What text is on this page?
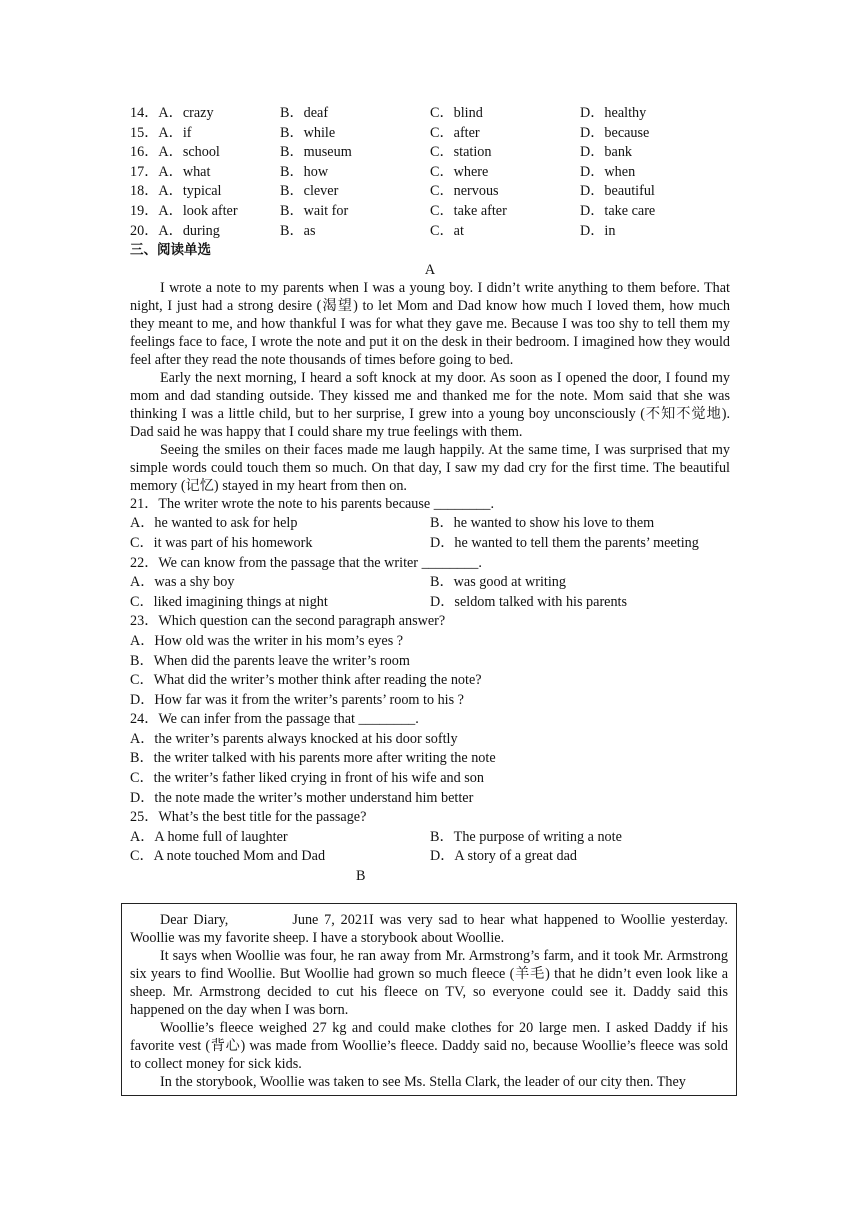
14．A．crazy	B．deaf	C．blind	D．healthy
15．A．if	B．while	C．after	D．because
16．A．school	B．museum	C．station	D．bank
17．A．what	B．how	C．where	D．when
18．A．typical	B．clever	C．nervous	D．beautiful
19．A．look after	B．wait for	C．take after	D．take care
20．A．during	B．as	C．at	D．in
三、阅读单选
A

I wrote a note to my parents when I was a young boy. I didn’t write anything to them before. That night, I just had a strong desire (渴望) to let Mom and Dad know how much I loved them, how much they meant to me, and how thankful I was for what they gave me. Because I was too shy to tell them my feelings face to face, I wrote the note and put it on the desk in their bedroom. I imagined how they would feel after they read the note thousands of times before going to bed.

Early the next morning, I heard a soft knock at my door. As soon as I opened the door, I found my mom and dad standing outside. They kissed me and thanked me for the note. Mom said that she was thinking I was a little child, but to her surprise, I grew into a young boy unconsciously (不知不觉地). Dad said he was happy that I could share my true feelings with them.

Seeing the smiles on their faces made me laugh happily. At the same time, I was surprised that my simple words could touch them so much. On that day, I saw my dad cry for the first time. The beautiful memory (记忆) stayed in my heart from then on.

21．The writer wrote the note to his parents because ________.
A．he wanted to ask for help	B．he wanted to show his love to them
C．it was part of his homework	D．he wanted to tell them the parents’ meeting
22．We can know from the passage that the writer ________.
A．was a shy boy	B．was good at writing
C．liked imagining things at night	D．seldom talked with his parents
23．Which question can the second paragraph answer?
A．How old was the writer in his mom’s eyes ?
B．When did the parents leave the writer’s room
C．What did the writer’s mother think after reading the note?
D．How far was it from the writer’s parents’ room to his ?
24．We can infer from the passage that ________.
A．the writer’s parents always knocked at his door softly
B．the writer talked with his parents more after writing the note
C．the writer’s father liked crying in front of his wife and son
D．the note made the writer’s mother understand him better
25．What’s the best title for the passage?
A．A home full of laughter	B．The purpose of writing a note
C．A note touched Mom and Dad	D．A story of a great dad
B

Dear Diary,	June 7, 2021I was very sad to hear what happened to Woollie yesterday. Woollie was my favorite sheep. I have a storybook about Woollie.

It says when Woollie was four, he ran away from Mr. Armstrong’s farm, and it took Mr. Armstrong six years to find Woollie. But Woollie had grown so much fleece (羊毛) that he didn’t even look like a sheep. Mr. Armstrong decided to cut his fleece on TV, so everyone could see it. Daddy said this happened on the day when I was born.

Woollie’s fleece weighed 27 kg and could make clothes for 20 large men. I asked Daddy if his favorite vest (背心) was made from Woollie’s fleece. Daddy said no, because Woollie’s fleece was sold to collect money for sick kids.

In the storybook, Woollie was taken to see Ms. Stella Clark, the leader of our city then. They
